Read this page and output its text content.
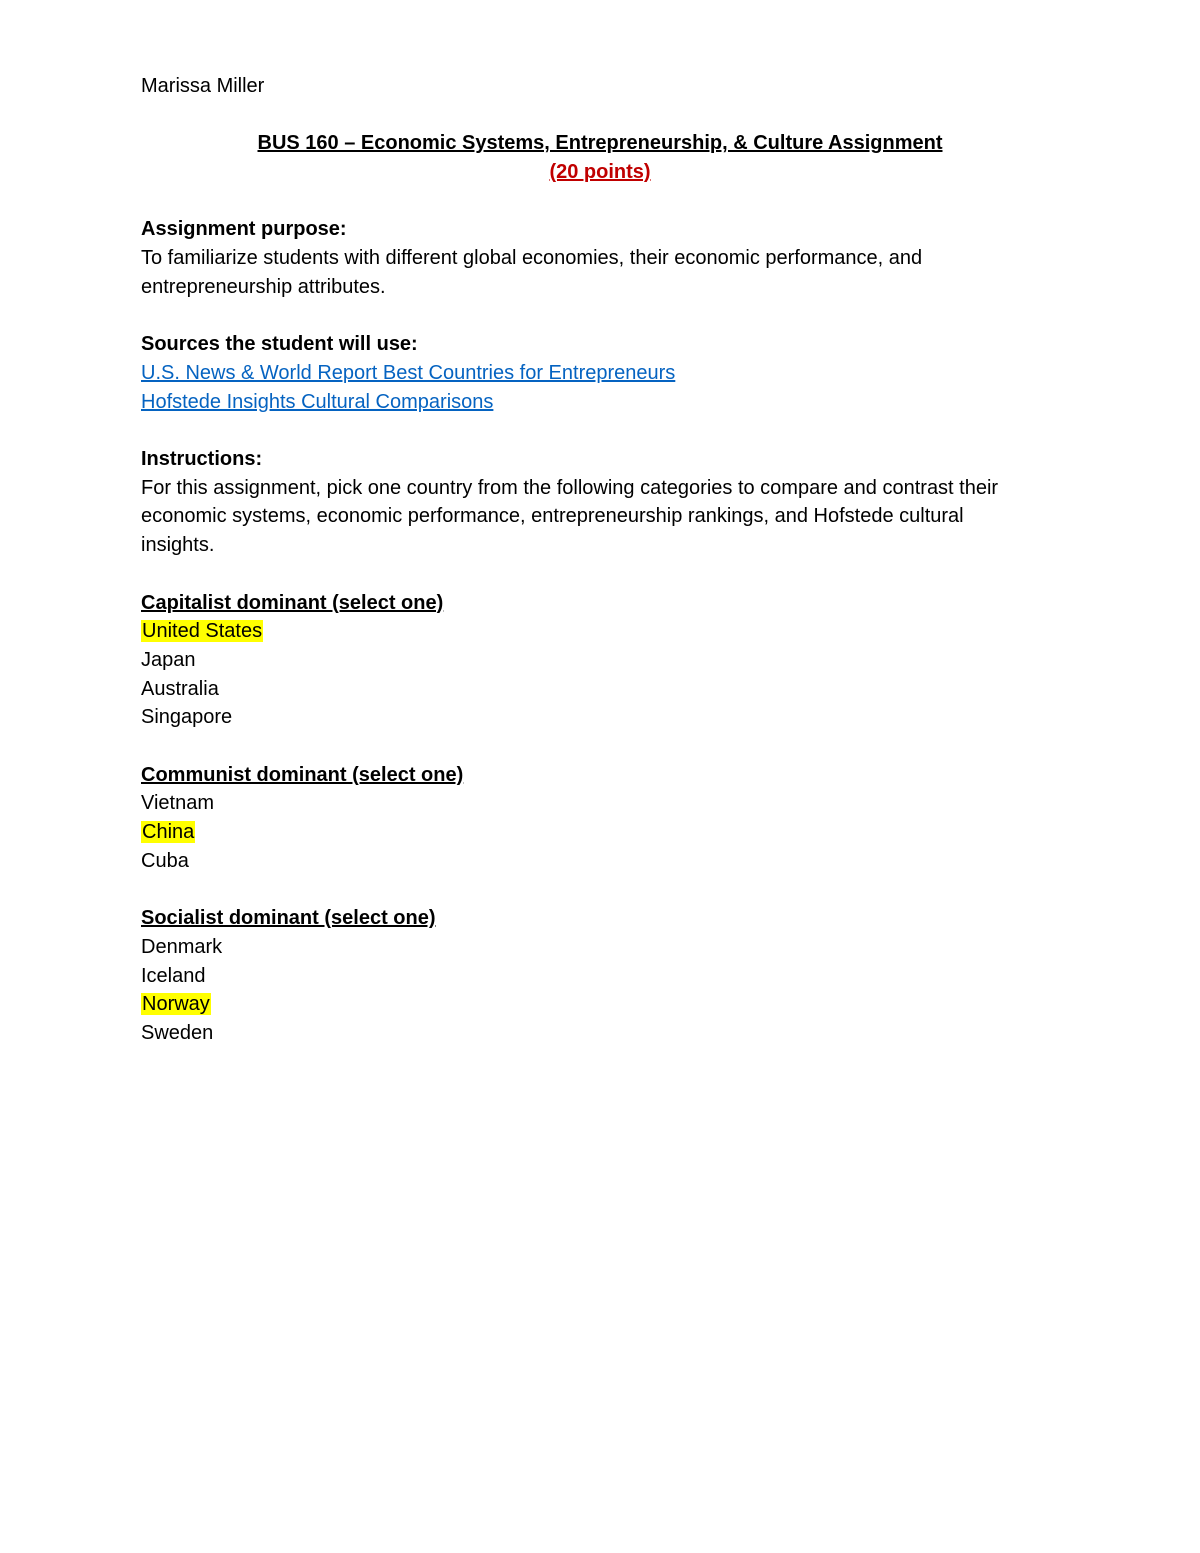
Marissa Miller
BUS 160 – Economic Systems, Entrepreneurship, & Culture Assignment
(20 points)
Assignment purpose:
To familiarize students with different global economies, their economic performance, and entrepreneurship attributes.
Sources the student will use:
U.S. News & World Report Best Countries for Entrepreneurs
Hofstede Insights Cultural Comparisons
Instructions:
For this assignment, pick one country from the following categories to compare and contrast their economic systems, economic performance, entrepreneurship rankings, and Hofstede cultural insights.
Capitalist dominant (select one)
United States
Japan
Australia
Singapore
Communist dominant (select one)
Vietnam
China
Cuba
Socialist dominant (select one)
Denmark
Iceland
Norway
Sweden
